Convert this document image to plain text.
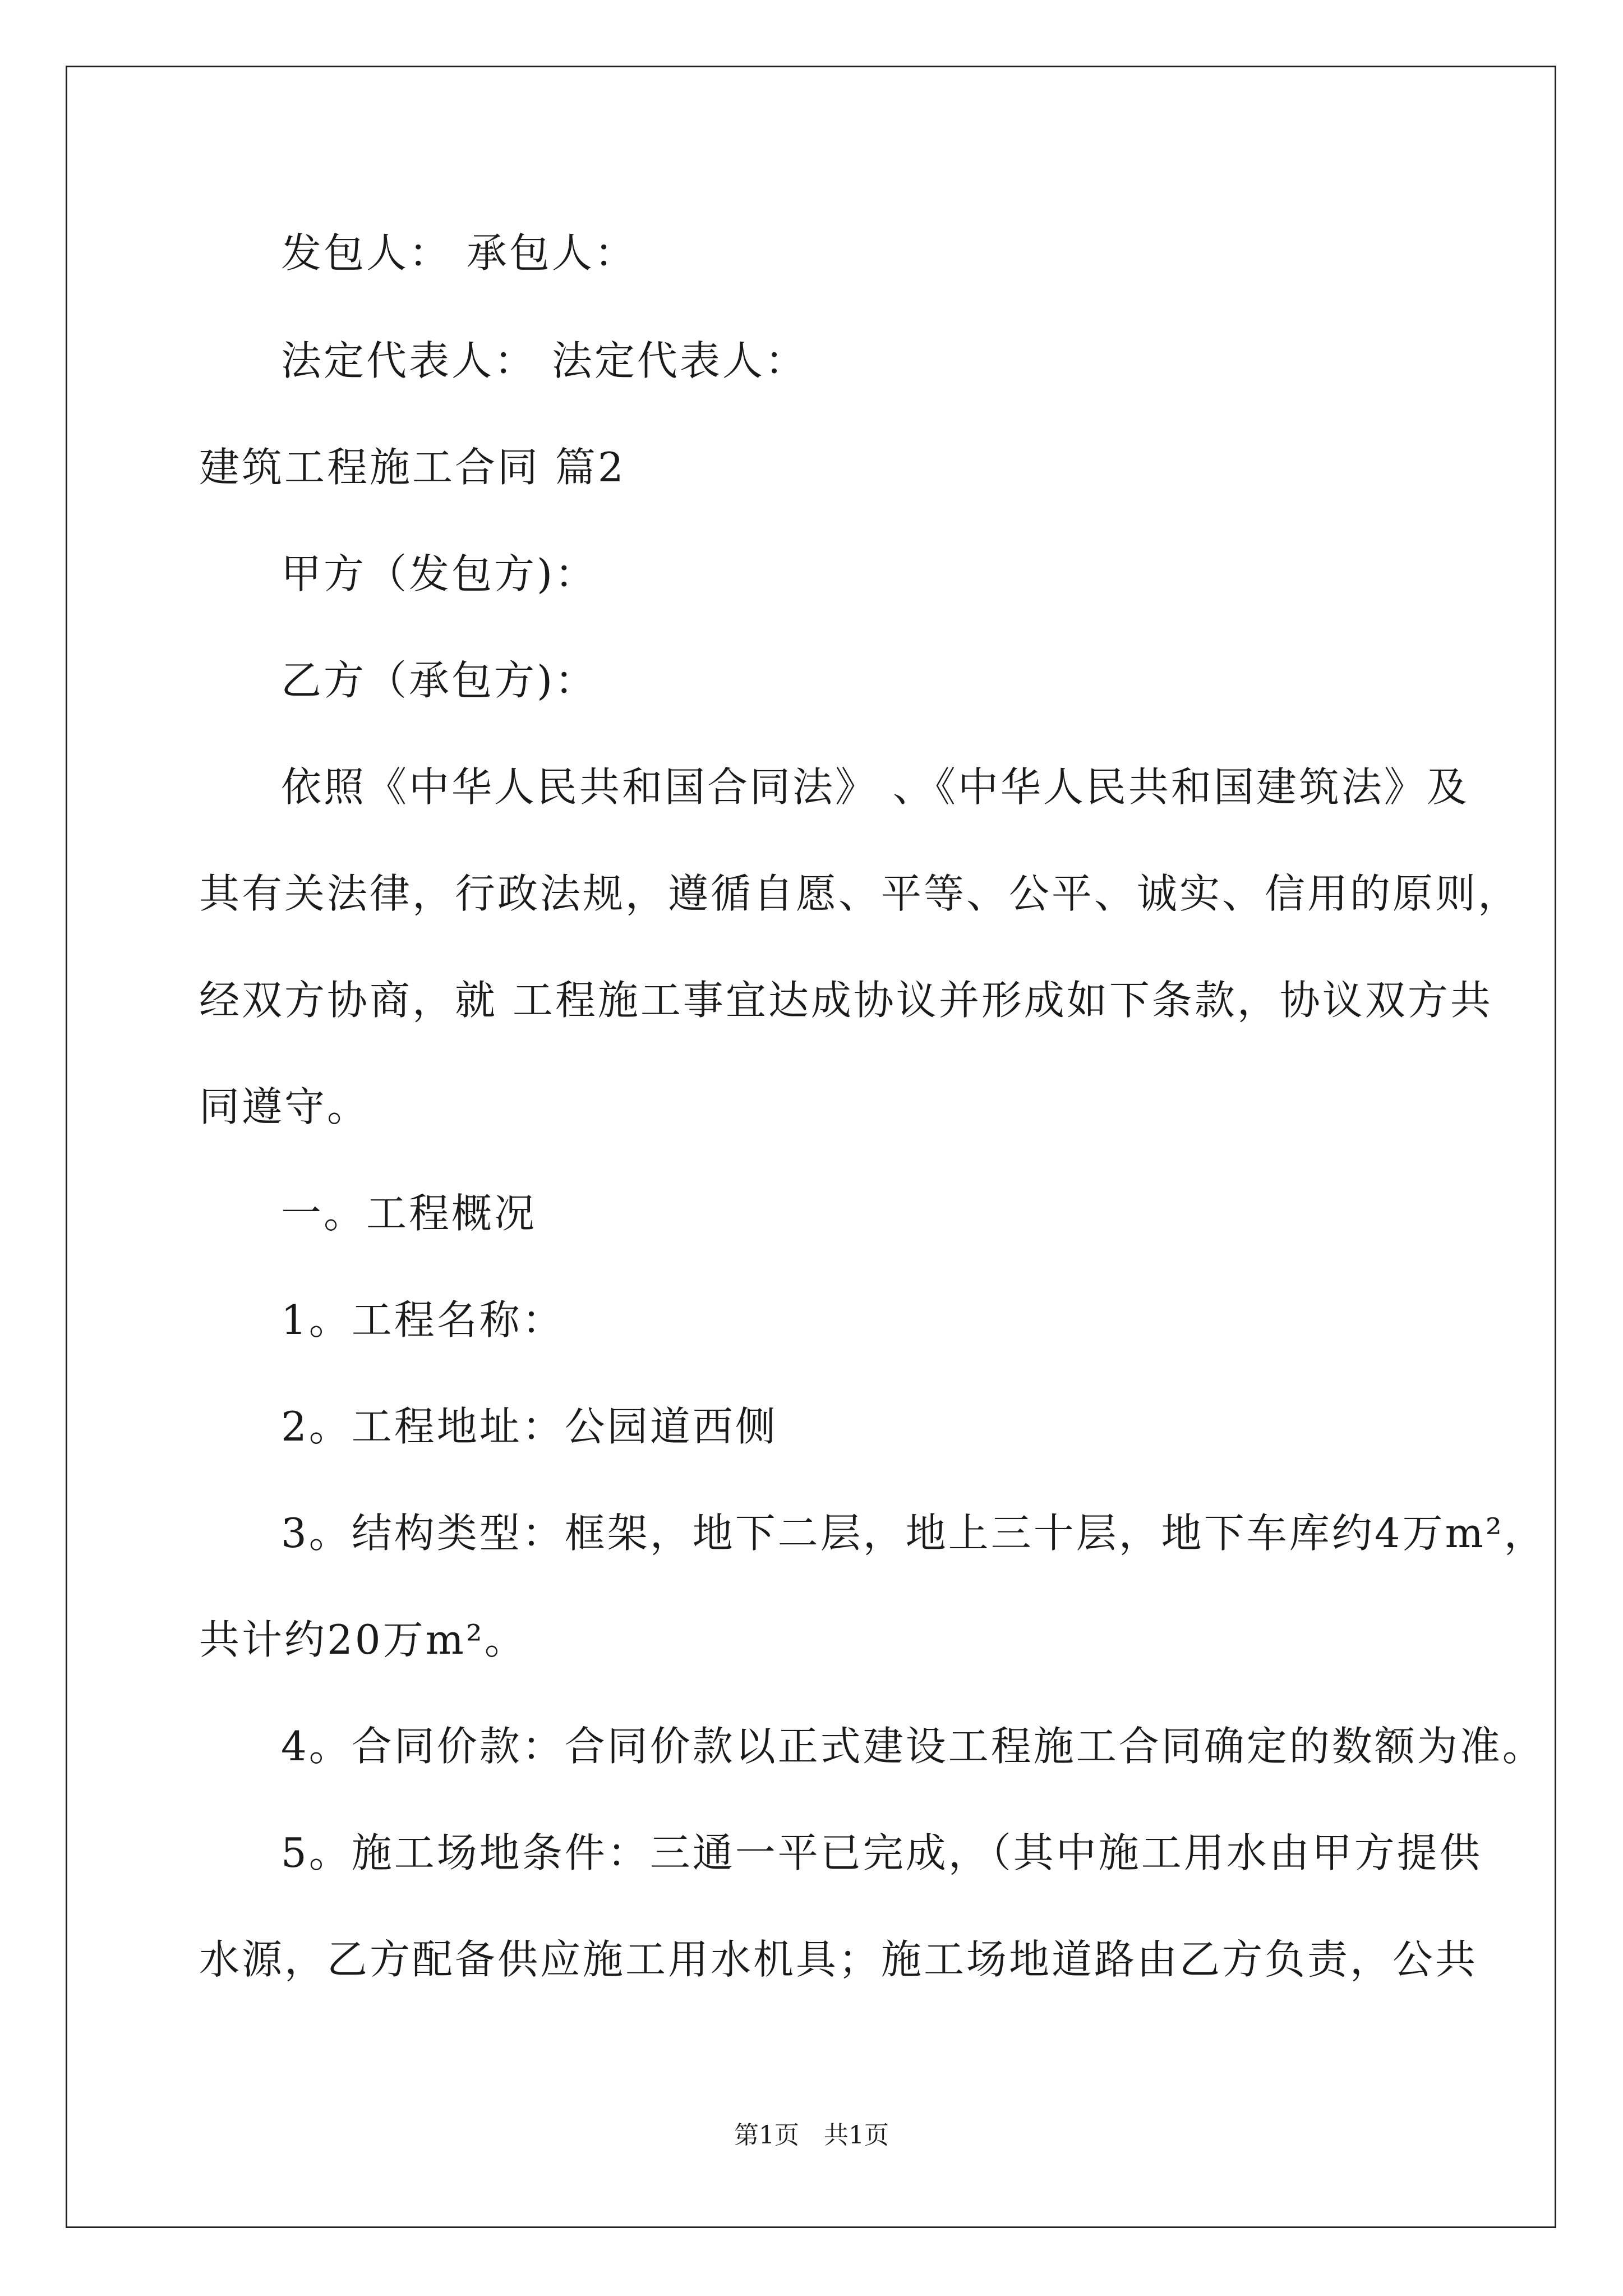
发包人： 承包人：
法定代表人： 法定代表人：
建筑工程施工合同 篇2
甲方（发包方)：
乙方（承包方)：
依照《中华人民共和国合同法》 、《中华人民共和国建筑法》及
其有关法律，行政法规，遵循自愿、平等、公平、诚实、信用的原则，
经双方协商，就 工程施工事宜达成协议并形成如下条款，协议双方共
同遵守。
一。工程概况
1。工程名称：
2。工程地址：公园道西侧
3。结构类型：框架，地下二层，地上三十层，地下车库约4万m²，
共计约20万m²。
4。合同价款：合同价款以正式建设工程施工合同确定的数额为准。
5。施工场地条件：三通一平已完成，（其中施工用水由甲方提供
水源，乙方配备供应施工用水机具；施工场地道路由乙方负责，公共
第1页　共1页
